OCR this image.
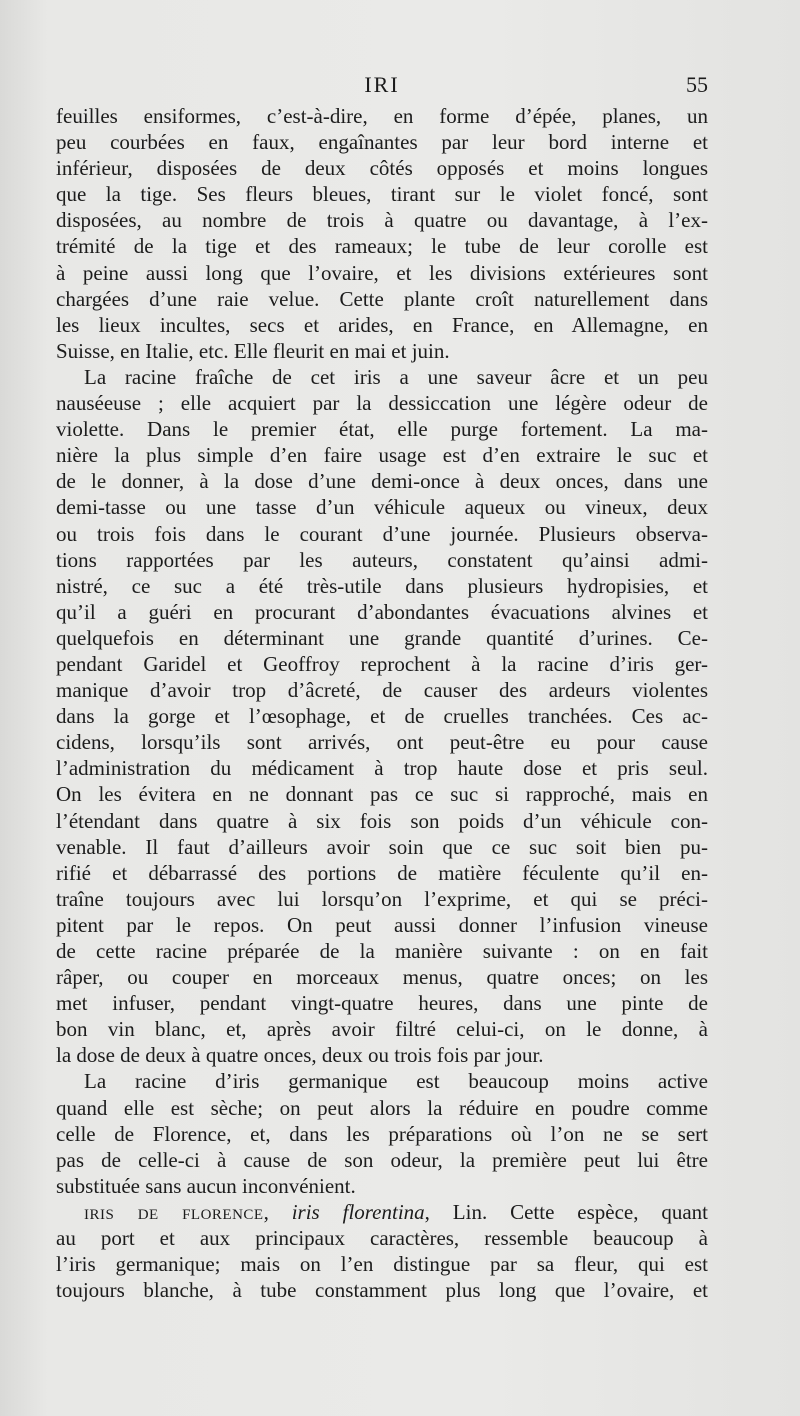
IRI	55
feuilles ensiformes, c’est-à-dire, en forme d’épée, planes, un
peu courbées en faux, engaînantes par leur bord interne et
inférieur, disposées de deux côtés opposés et moins longues
que la tige. Ses fleurs bleues, tirant sur le violet foncé, sont
disposées, au nombre de trois à quatre ou davantage, à l’ex-
trémité de la tige et des rameaux; le tube de leur corolle est
à peine aussi long que l’ovaire, et les divisions extérieures sont
chargées d’une raie velue. Cette plante croît naturellement dans
les lieux incultes, secs et arides, en France, en Allemagne, en
Suisse, en Italie, etc. Elle fleurit en mai et juin.
La racine fraîche de cet iris a une saveur âcre et un peu
nauséeuse ; elle acquiert par la dessiccation une légère odeur de
violette. Dans le premier état, elle purge fortement. La ma-
nière la plus simple d’en faire usage est d’en extraire le suc et
de le donner, à la dose d’une demi-once à deux onces, dans une
demi-tasse ou une tasse d’un véhicule aqueux ou vineux, deux
ou trois fois dans le courant d’une journée. Plusieurs observa-
tions rapportées par les auteurs, constatent qu’ainsi admi-
nistré, ce suc a été très-utile dans plusieurs hydropisies, et
qu’il a guéri en procurant d’abondantes évacuations alvines et
quelquefois en déterminant une grande quantité d’urines. Ce-
pendant Garidel et Geoffroy reprochent à la racine d’iris ger-
manique d’avoir trop d’âcreté, de causer des ardeurs violentes
dans la gorge et l’œsophage, et de cruelles tranchées. Ces ac-
cidens, lorsqu’ils sont arrivés, ont peut-être eu pour cause
l’administration du médicament à trop haute dose et pris seul.
On les évitera en ne donnant pas ce suc si rapproché, mais en
l’étendant dans quatre à six fois son poids d’un véhicule con-
venable. Il faut d’ailleurs avoir soin que ce suc soit bien pu-
rifié et débarrassé des portions de matière féculente qu’il en-
traîne toujours avec lui lorsqu’on l’exprime, et qui se préci-
pitent par le repos. On peut aussi donner l’infusion vineuse
de cette racine préparée de la manière suivante : on en fait
râper, ou couper en morceaux menus, quatre onces; on les
met infuser, pendant vingt-quatre heures, dans une pinte de
bon vin blanc, et, après avoir filtré celui-ci, on le donne, à
la dose de deux à quatre onces, deux ou trois fois par jour.
La racine d’iris germanique est beaucoup moins active
quand elle est sèche; on peut alors la réduire en poudre comme
celle de Florence, et, dans les préparations où l’on ne se sert
pas de celle-ci à cause de son odeur, la première peut lui être
substituée sans aucun inconvénient.
iris de florence, iris florentina, Lin. Cette espèce, quant
au port et aux principaux caractères, ressemble beaucoup à
l’iris germanique; mais on l’en distingue par sa fleur, qui est
toujours blanche, à tube constamment plus long que l’ovaire, et
